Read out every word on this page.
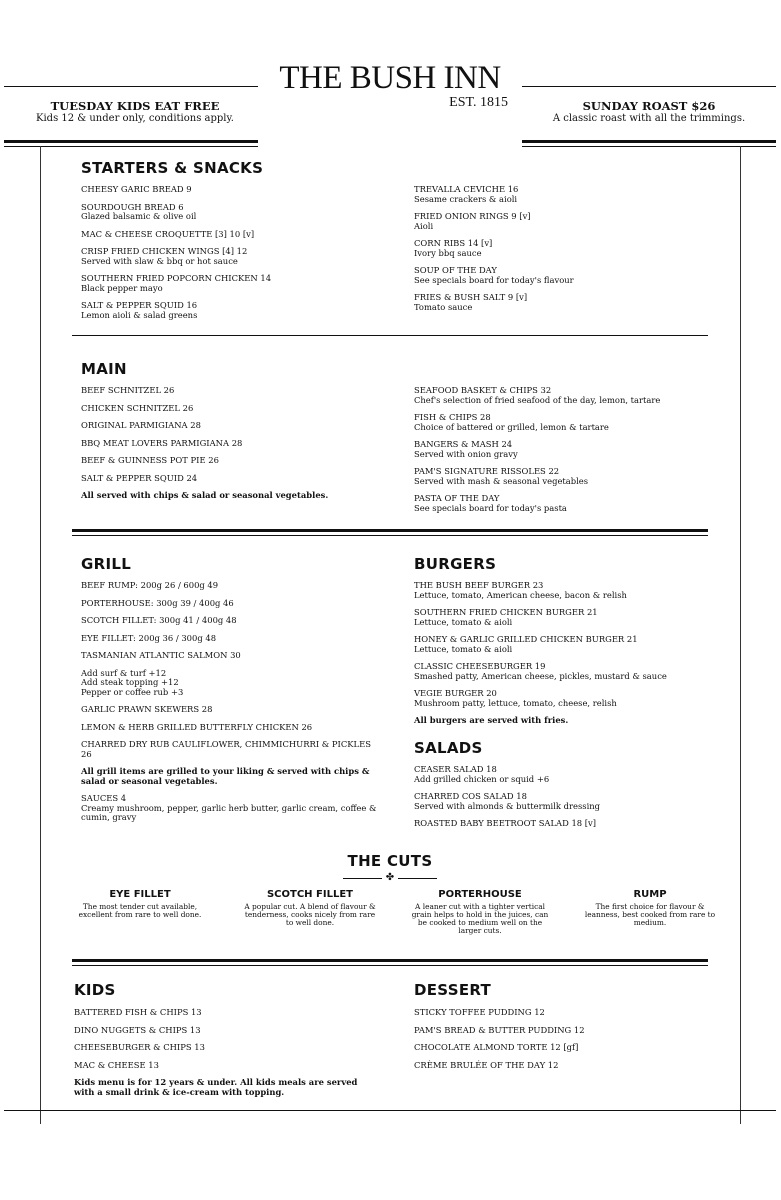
THE BUSH INN
EST. 1815
TUESDAY KIDS EAT FREE
Kids 12 & under only, conditions apply.
SUNDAY ROAST $26
A classic roast with all the trimmings.
STARTERS & SNACKS
CHEESY GARIC BREAD 9
SOURDOUGH BREAD 6
Glazed balsamic & olive oil
MAC & CHEESE CROQUETTE [3] 10 [v]
CRISP FRIED CHICKEN WINGS [4] 12
Served with slaw & bbq or hot sauce
SOUTHERN FRIED POPCORN CHICKEN 14
Black pepper mayo
SALT & PEPPER SQUID 16
Lemon aioli & salad greens
TREVALLA CEVICHE 16
Sesame crackers & aioli
FRIED ONION RINGS 9 [v]
Aioli
CORN RIBS 14 [v]
Ivory bbq sauce
SOUP OF THE DAY
See specials board for today's flavour
FRIES & BUSH SALT 9 [v]
Tomato sauce
MAIN
BEEF SCHNITZEL 26
CHICKEN SCHNITZEL 26
ORIGINAL PARMIGIANA 28
BBQ MEAT LOVERS PARMIGIANA 28
BEEF & GUINNESS POT PIE 26
SALT & PEPPER SQUID 24
All served with chips & salad or seasonal vegetables.
SEAFOOD BASKET & CHIPS 32
Chef's selection of fried seafood of the day, lemon, tartare
FISH & CHIPS 28
Choice of battered or grilled, lemon & tartare
BANGERS & MASH 24
Served with onion gravy
PAM'S SIGNATURE RISSOLES 22
Served with mash & seasonal vegetables
PASTA OF THE DAY
See specials board for today's pasta
GRILL
BEEF RUMP: 200g 26 / 600g 49
PORTERHOUSE: 300g 39 / 400g 46
SCOTCH FILLET: 300g 41 / 400g 48
EYE FILLET: 200g 36 / 300g 48
TASMANIAN ATLANTIC SALMON 30
Add surf & turf +12
Add steak topping +12
Pepper or coffee rub +3
GARLIC PRAWN SKEWERS 28
LEMON & HERB GRILLED BUTTERFLY CHICKEN 26
CHARRED DRY RUB CAULIFLOWER, CHIMMICHURRI & PICKLES 26
All grill items are grilled to your liking & served with chips & salad or seasonal vegetables.
SAUCES 4
Creamy mushroom, pepper, garlic herb butter, garlic cream, coffee & cumin, gravy
BURGERS
THE BUSH BEEF BURGER 23
Lettuce, tomato, American cheese, bacon & relish
SOUTHERN FRIED CHICKEN BURGER 21
Lettuce, tomato & aioli
HONEY & GARLIC GRILLED CHICKEN BURGER 21
Lettuce, tomato & aioli
CLASSIC CHEESEBURGER 19
Smashed patty, American cheese, pickles, mustard & sauce
VEGIE BURGER 20
Mushroom patty, lettuce, tomato, cheese, relish
All burgers are served with fries.
SALADS
CEASER SALAD 18
Add grilled chicken or squid +6
CHARRED COS SALAD 18
Served with almonds & buttermilk dressing
ROASTED BABY BEETROOT SALAD 18 [v]
THE CUTS
✤
EYE FILLET
The most tender cut available, excellent from rare to well done.
SCOTCH FILLET
A popular cut. A blend of flavour & tenderness, cooks nicely from rare to well done.
PORTERHOUSE
A leaner cut with a tighter vertical grain helps to hold in the juices, can be cooked to medium well on the larger cuts.
RUMP
The first choice for flavour & leanness, best cooked from rare to medium.
KIDS
BATTERED FISH & CHIPS 13
DINO NUGGETS & CHIPS 13
CHEESEBURGER & CHIPS 13
MAC & CHEESE 13
Kids menu is for 12 years & under. All kids meals are served with a small drink & ice-cream with topping.
DESSERT
STICKY TOFFEE PUDDING 12
PAM'S BREAD & BUTTER PUDDING 12
CHOCOLATE ALMOND TORTE 12 [gf]
CRÈME BRULÉE OF THE DAY 12
